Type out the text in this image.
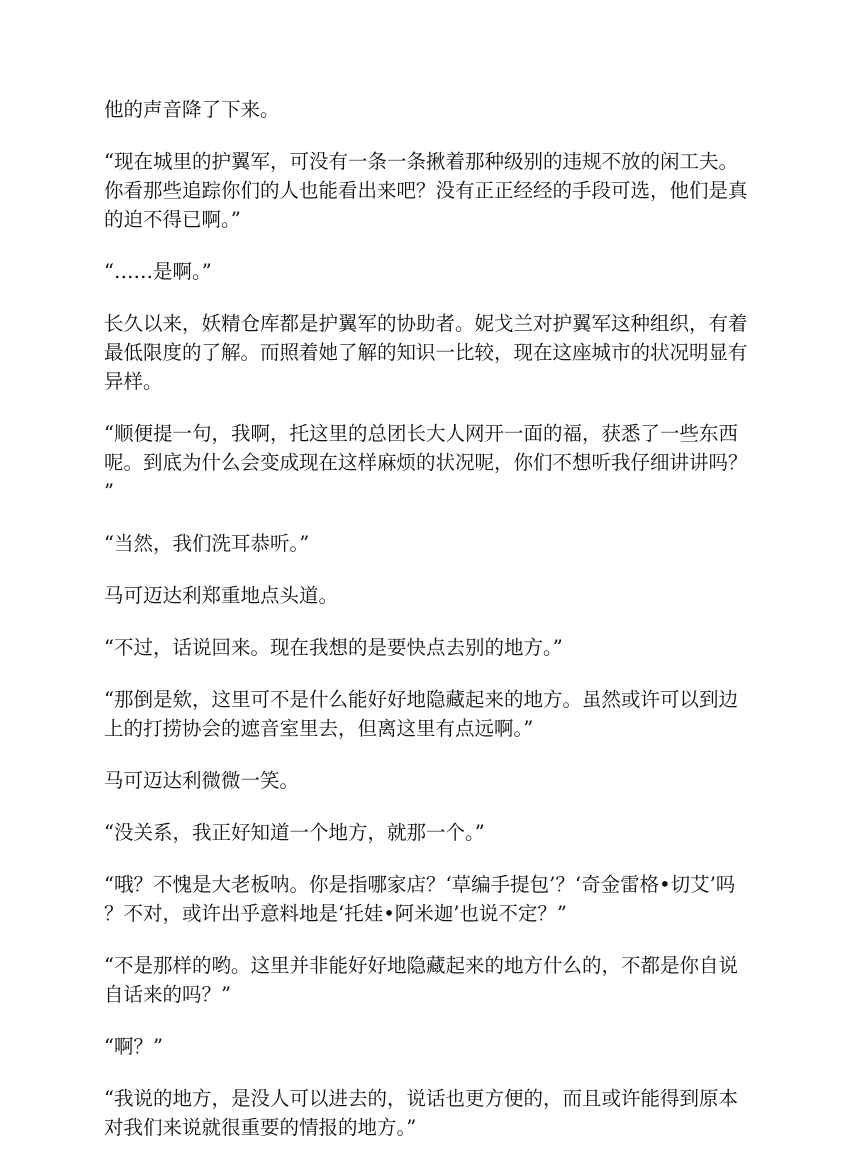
他的声音降了下来。

“现在城里的护翼军，可没有一条一条揪着那种级别的违规不放的闲工夫。你看那些追踪你们的人也能看出来吧？没有正正经经的手段可选，他们是真的迫不得已啊。”

“……是啊。”

长久以来，妖精仓库都是护翼军的协助者。妮戈兰对护翼军这种组织，有着最低限度的了解。而照着她了解的知识一比较，现在这座城市的状况明显有异样。

“顺便提一句，我啊，托这里的总团长大人网开一面的福，获悉了一些东西呢。到底为什么会变成现在这样麻烦的状况呢，你们不想听我仔细讲讲吗？”

“当然，我们洗耳恭听。”

马可迈达利郑重地点头道。

“不过，话说回来。现在我想的是要快点去别的地方。”

“那倒是欸，这里可不是什么能好好地隐藏起来的地方。虽然或许可以到边上的打捞协会的遮音室里去，但离这里有点远啊。”

马可迈达利微微一笑。

“没关系，我正好知道一个地方，就那一个。”

“哦？不愧是大老板呐。你是指哪家店？‘草编手提包’？‘奇金雷格•切艾’吗？不对，或许出乎意料地是‘托娃•阿米迦’也说不定？”

“不是那样的哟。这里并非能好好地隐藏起来的地方什么的，不都是你自说自话来的吗？”

“啊？”

“我说的地方，是没人可以进去的，说话也更方便的，而且或许能得到原本对我们来说就很重要的情报的地方。”
